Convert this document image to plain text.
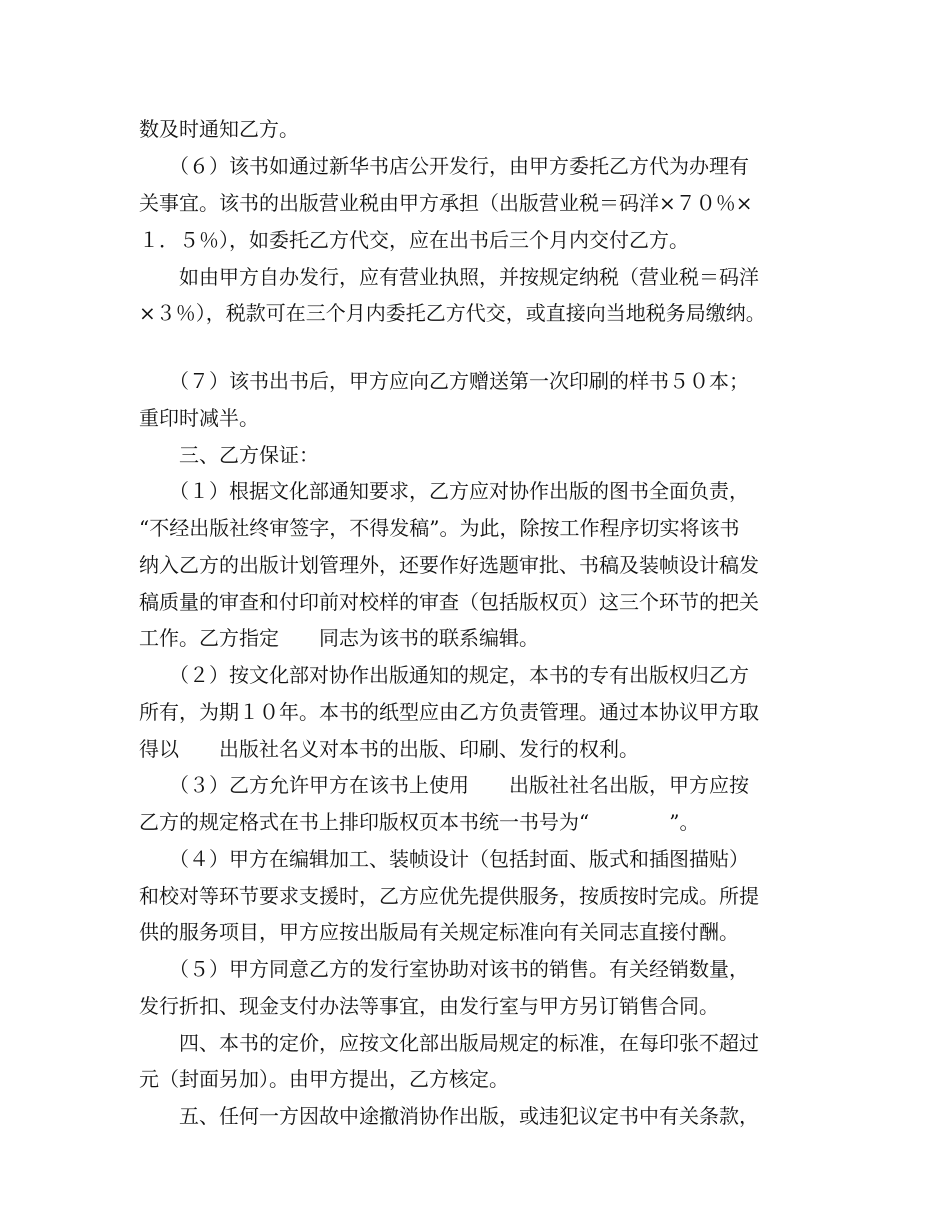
数及时通知乙方。
　　（６）该书如通过新华书店公开发行，由甲方委托乙方代为办理有
关事宜。该书的出版营业税由甲方承担（出版营业税＝码洋×７０％×
１．５％），如委托乙方代交，应在出书后三个月内交付乙方。
　　如由甲方自办发行，应有营业执照，并按规定纳税（营业税＝码洋
×３％），税款可在三个月内委托乙方代交，或直接向当地税务局缴纳。
　　（７）该书出书后，甲方应向乙方赠送第一次印刷的样书５０本；
重印时减半。
　　三、乙方保证：
　　（１）根据文化部通知要求，乙方应对协作出版的图书全面负责，
“不经出版社终审签字，不得发稿”。为此，除按工作程序切实将该书
纳入乙方的出版计划管理外，还要作好选题审批、书稿及装帧设计稿发
稿质量的审查和付印前对校样的审查（包括版权页）这三个环节的把关
工作。乙方指定　　同志为该书的联系编辑。
　　（２）按文化部对协作出版通知的规定，本书的专有出版权归乙方
所有，为期１０年。本书的纸型应由乙方负责管理。通过本协议甲方取
得以　　出版社名义对本书的出版、印刷、发行的权利。
　　（３）乙方允许甲方在该书上使用　　出版社社名出版，甲方应按
乙方的规定格式在书上排印版权页本书统一书号为“　　　　”。
　　（４）甲方在编辑加工、装帧设计（包括封面、版式和插图描贴）
和校对等环节要求支援时，乙方应优先提供服务，按质按时完成。所提
供的服务项目，甲方应按出版局有关规定标准向有关同志直接付酬。
　　（５）甲方同意乙方的发行室协助对该书的销售。有关经销数量，
发行折扣、现金支付办法等事宜，由发行室与甲方另订销售合同。
　　四、本书的定价，应按文化部出版局规定的标准，在每印张不超过
元（封面另加）。由甲方提出，乙方核定。
　　五、任何一方因故中途撤消协作出版，或违犯议定书中有关条款，
